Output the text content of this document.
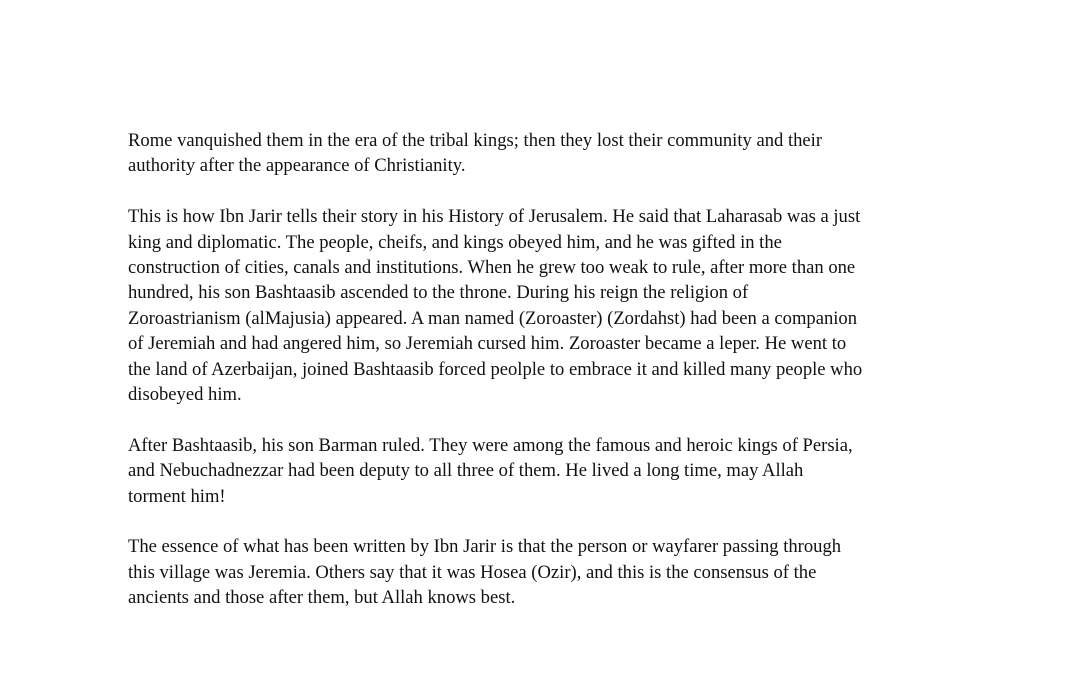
Rome vanquished them in the era of the tribal kings; then they lost their community and their
authority after the appearance of Christianity.

This is how Ibn Jarir tells their story in his History of Jerusalem. He said that Laharasab was a just
king and diplomatic. The people, cheifs, and kings obeyed him, and he was gifted in the
construction of cities, canals and institutions. When he grew too weak to rule, after more than one
hundred, his son Bashtaasib ascended to the throne. During his reign the religion of
Zoroastrianism (alMajusia) appeared. A man named (Zoroaster) (Zordahst) had been a companion
of Jeremiah and had angered him, so Jeremiah cursed him. Zoroaster became a leper. He went to
the land of Azerbaijan, joined Bashtaasib forced peolple to embrace it and killed many people who
disobeyed him.

After Bashtaasib, his son Barman ruled. They were among the famous and heroic kings of Persia,
and Nebuchadnezzar had been deputy to all three of them. He lived a long time, may Allah
torment him!

The essence of what has been written by Ibn Jarir is that the person or wayfarer passing through
this village was Jeremia. Others say that it was Hosea (Ozir), and this is the consensus of the
ancients and those after them, but Allah knows best.
